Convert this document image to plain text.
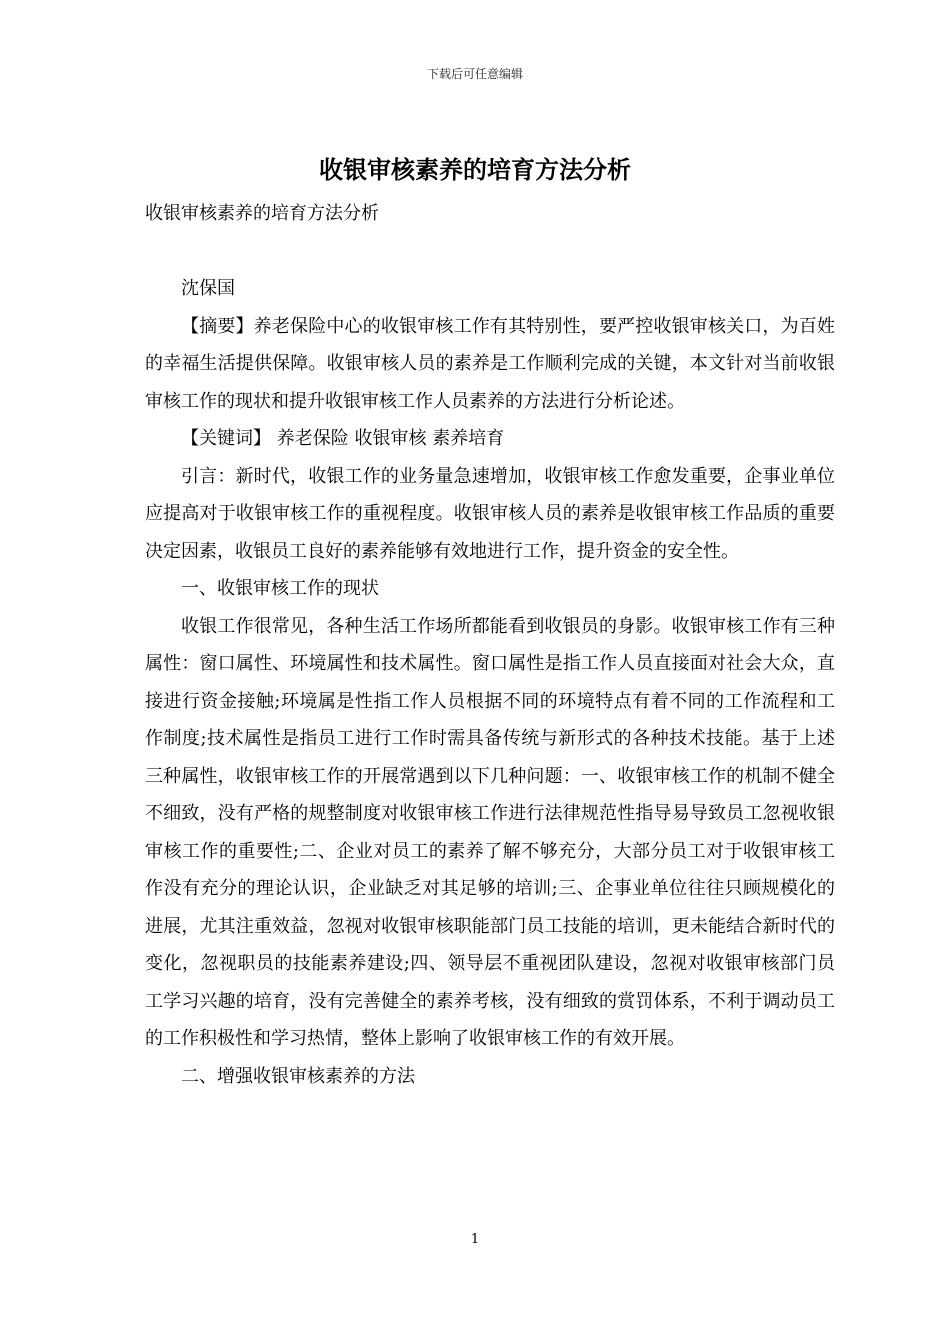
下载后可任意编辑
收银审核素养的培育方法分析

收银审核素养的培育方法分析

沈保国

【摘要】养老保险中心的收银审核工作有其特别性，要严控收银审核关口，为百姓的幸福生活提供保障。收银审核人员的素养是工作顺利完成的关键，本文针对当前收银审核工作的现状和提升收银审核工作人员素养的方法进行分析论述。

【关键词】 养老保险 收银审核 素养培育

引言：新时代，收银工作的业务量急速增加，收银审核工作愈发重要，企事业单位应提高对于收银审核工作的重视程度。收银审核人员的素养是收银审核工作品质的重要决定因素，收银员工良好的素养能够有效地进行工作，提升资金的安全性。

一、收银审核工作的现状

收银工作很常见，各种生活工作场所都能看到收银员的身影。收银审核工作有三种属性：窗口属性、环境属性和技术属性。窗口属性是指工作人员直接面对社会大众，直接进行资金接触;环境属是性指工作人员根据不同的环境特点有着不同的工作流程和工作制度;技术属性是指员工进行工作时需具备传统与新形式的各种技术技能。基于上述三种属性，收银审核工作的开展常遇到以下几种问题：一、收银审核工作的机制不健全不细致，没有严格的规整制度对收银审核工作进行法律规范性指导易导致员工忽视收银审核工作的重要性;二、企业对员工的素养了解不够充分，大部分员工对于收银审核工作没有充分的理论认识，企业缺乏对其足够的培训;三、企事业单位往往只顾规模化的进展，尤其注重效益，忽视对收银审核职能部门员工技能的培训，更未能结合新时代的变化，忽视职员的技能素养建设;四、领导层不重视团队建设，忽视对收银审核部门员工学习兴趣的培育，没有完善健全的素养考核，没有细致的赏罚体系，不利于调动员工的工作积极性和学习热情，整体上影响了收银审核工作的有效开展。

二、增强收银审核素养的方法

1
